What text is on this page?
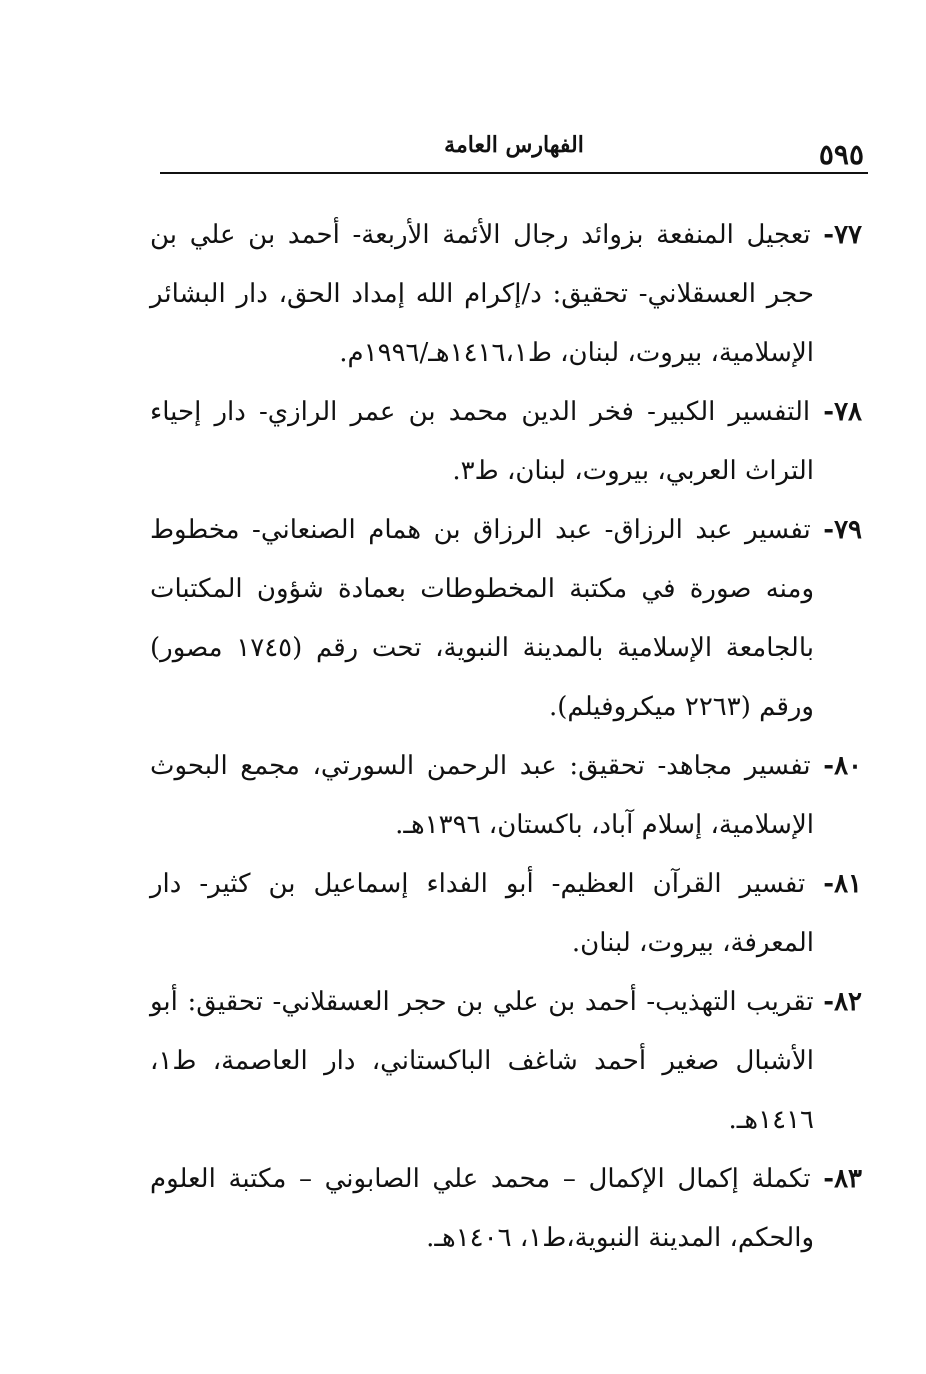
٥٩٥
الفهارس العامة

٧٧- تعجيل المنفعة بزوائد رجال الأئمة الأربعة- أحمد بن علي بن حجر العسقلاني- تحقيق: د/إكرام الله إمداد الحق، دار البشائر الإسلامية، بيروت، لبنان، ط١٤١٦،١هـ/١٩٩٦م.

٧٨- التفسير الكبير- فخر الدين محمد بن عمر الرازي- دار إحياء التراث العربي، بيروت، لبنان، ط٣.

٧٩- تفسير عبد الرزاق- عبد الرزاق بن همام الصنعاني- مخطوط ومنه صورة في مكتبة المخطوطات بعمادة شؤون المكتبات بالجامعة الإسلامية بالمدينة النبوية، تحت رقم (١٧٤٥ مصور) ورقم (٢٢٦٣ ميكروفيلم).

٨٠- تفسير مجاهد- تحقيق: عبد الرحمن السورتي، مجمع البحوث الإسلامية، إسلام آباد، باكستان، ١٣٩٦هـ.

٨١- تفسير القرآن العظيم- أبو الفداء إسماعيل بن كثير- دار المعرفة، بيروت، لبنان.

٨٢- تقريب التهذيب- أحمد بن علي بن حجر العسقلاني- تحقيق: أبو الأشبال صغير أحمد شاغف الباكستاني، دار العاصمة، ط١، ١٤١٦هـ.

٨٣- تكملة إكمال الإكمال – محمد علي الصابوني – مكتبة العلوم والحكم، المدينة النبوية،ط١، ١٤٠٦هـ.
